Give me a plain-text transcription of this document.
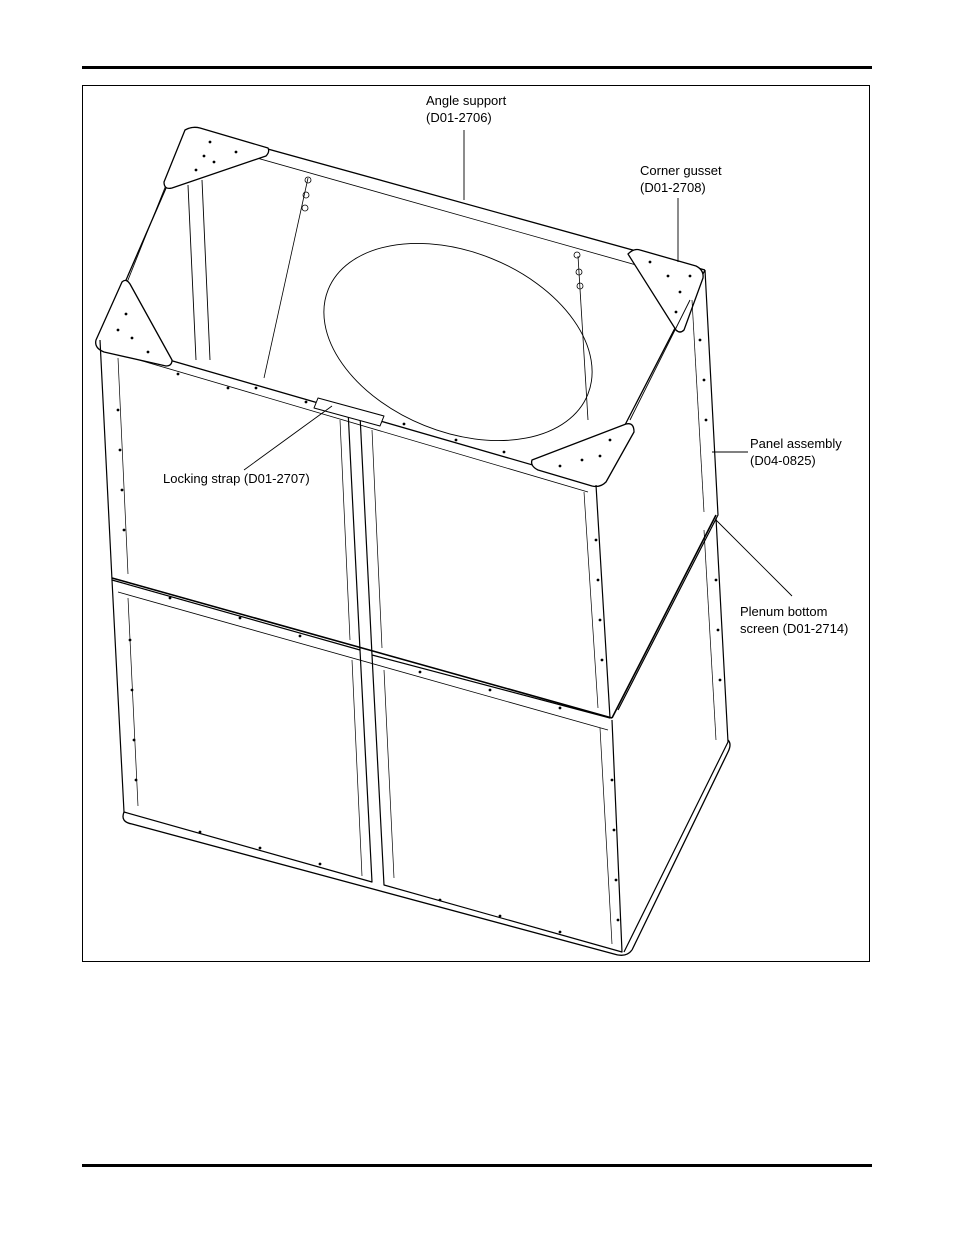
Angle support
(D01-2706)
Corner gusset
(D01-2708)
Panel assembly
(D04-0825)
Locking strap (D01-2707)
Plenum bottom
screen (D01-2714)
